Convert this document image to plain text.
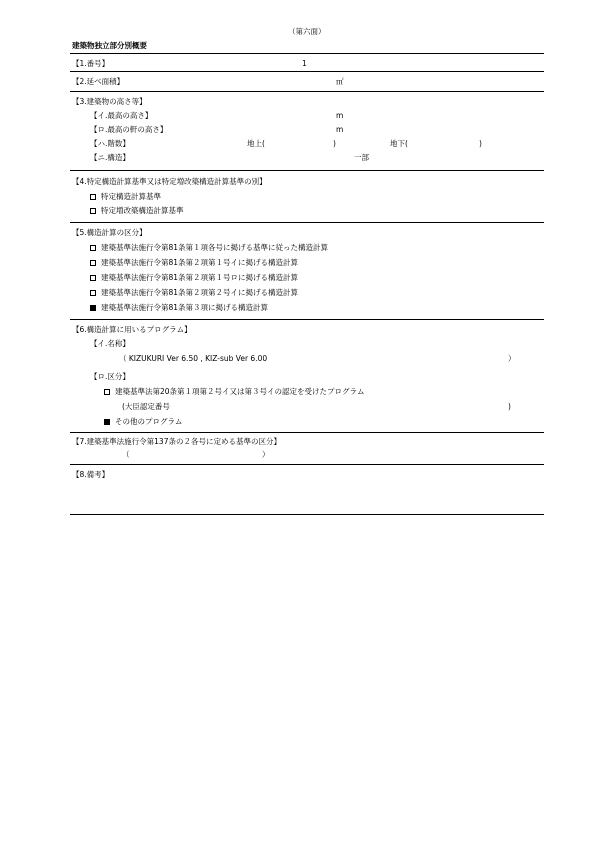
（第六面）
建築物独立部分別概要
【1.番号】	1
【2.延べ面積】	㎡
【3.建築物の高さ等】
【イ.最高の高さ】	m
【ロ.最高の軒の高さ】	m
【ハ.階数】	地上(	)	地下(	)
【ニ.構造】	一部
【4.特定構造計算基準又は特定増改築構造計算基準の別】
特定構造計算基準
特定増改築構造計算基準
【5.構造計算の区分】
建築基準法施行令第81条第１項各号に掲げる基準に従った構造計算
建築基準法施行令第81条第２項第１号イに掲げる構造計算
建築基準法施行令第81条第２項第１号ロに掲げる構造計算
建築基準法施行令第81条第２項第２号イに掲げる構造計算
建築基準法施行令第81条第３項に掲げる構造計算
【6.構造計算に用いるプログラム】
【イ.名称】
（ KIZUKURI Ver 6.50 , KIZ-sub Ver 6.00	）
【ロ.区分】
建築基準法第20条第１項第２号イ又は第３号イの認定を受けたプログラム
(大臣認定番号	)
その他のプログラム
【7.建築基準法施行令第137条の２各号に定める基準の区分】
（	）
【8.備考】
